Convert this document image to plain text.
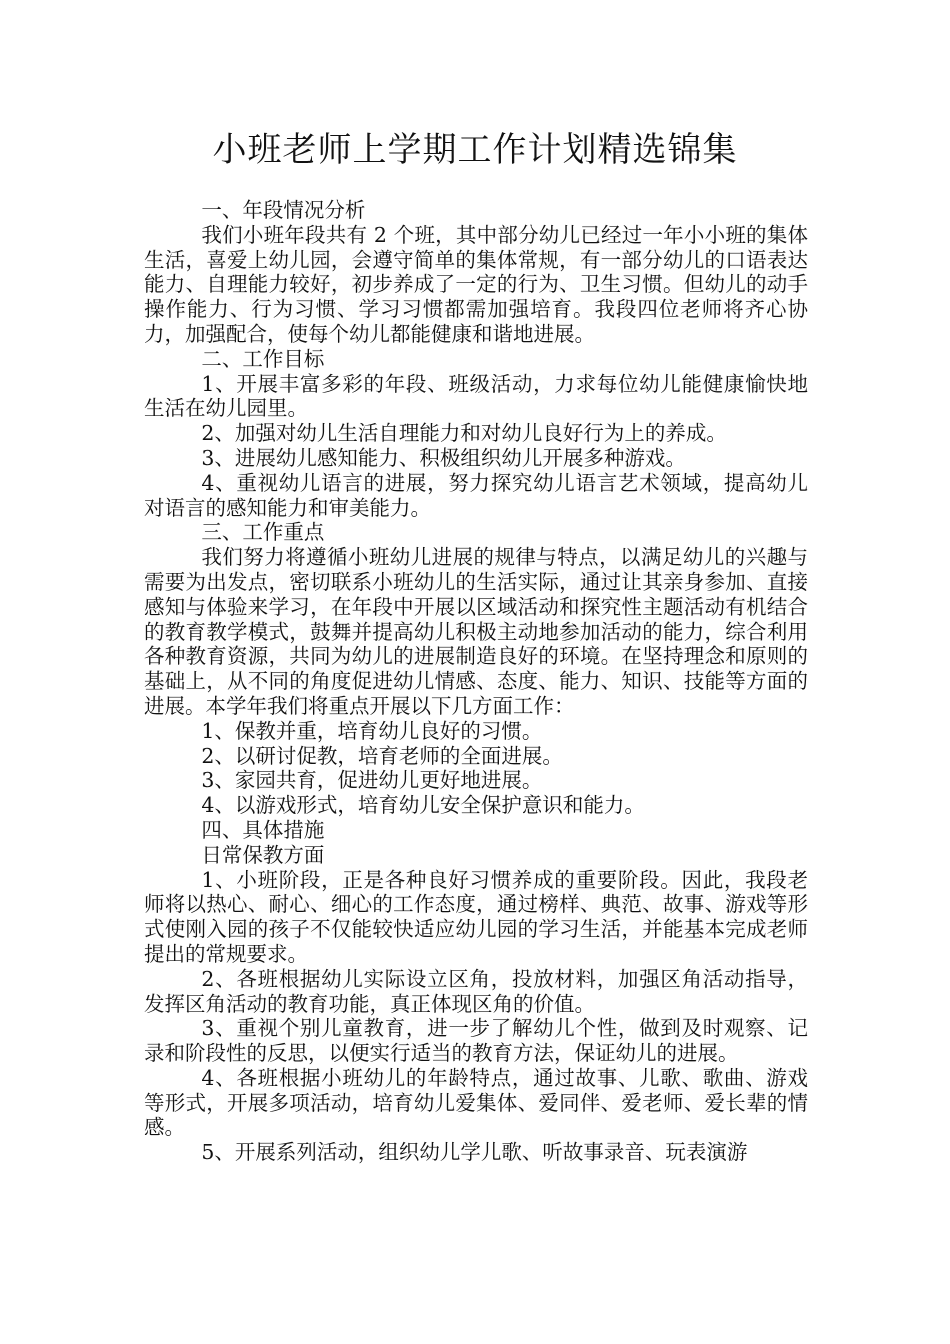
小班老师上学期工作计划精选锦集

一、年段情况分析

我们小班年段共有 2 个班，其中部分幼儿已经过一年小小班的集体生活，喜爱上幼儿园，会遵守简单的集体常规，有一部分幼儿的口语表达能力、自理能力较好，初步养成了一定的行为、卫生习惯。但幼儿的动手操作能力、行为习惯、学习习惯都需加强培育。我段四位老师将齐心协力，加强配合，使每个幼儿都能健康和谐地进展。

二、工作目标

1、开展丰富多彩的年段、班级活动，力求每位幼儿能健康愉快地生活在幼儿园里。

2、加强对幼儿生活自理能力和对幼儿良好行为上的养成。

3、进展幼儿感知能力、积极组织幼儿开展多种游戏。

4、重视幼儿语言的进展，努力探究幼儿语言艺术领域，提高幼儿对语言的感知能力和审美能力。

三、工作重点

我们努力将遵循小班幼儿进展的规律与特点，以满足幼儿的兴趣与需要为出发点，密切联系小班幼儿的生活实际，通过让其亲身参加、直接感知与体验来学习，在年段中开展以区域活动和探究性主题活动有机结合的教育教学模式，鼓舞并提高幼儿积极主动地参加活动的能力，综合利用各种教育资源，共同为幼儿的进展制造良好的环境。在坚持理念和原则的基础上，从不同的角度促进幼儿情感、态度、能力、知识、技能等方面的进展。本学年我们将重点开展以下几方面工作：

1、保教并重，培育幼儿良好的习惯。

2、以研讨促教，培育老师的全面进展。

3、家园共育，促进幼儿更好地进展。

4、以游戏形式，培育幼儿安全保护意识和能力。

四、具体措施

日常保教方面

1、小班阶段，正是各种良好习惯养成的重要阶段。因此，我段老师将以热心、耐心、细心的工作态度，通过榜样、典范、故事、游戏等形式使刚入园的孩子不仅能较快适应幼儿园的学习生活，并能基本完成老师提出的常规要求。

2、各班根据幼儿实际设立区角，投放材料，加强区角活动指导，发挥区角活动的教育功能，真正体现区角的价值。

3、重视个别儿童教育，进一步了解幼儿个性，做到及时观察、记录和阶段性的反思，以便实行适当的教育方法，保证幼儿的进展。

4、各班根据小班幼儿的年龄特点，通过故事、儿歌、歌曲、游戏等形式，开展多项活动，培育幼儿爱集体、爱同伴、爱老师、爱长辈的情感。

5、开展系列活动，组织幼儿学儿歌、听故事录音、玩表演游
